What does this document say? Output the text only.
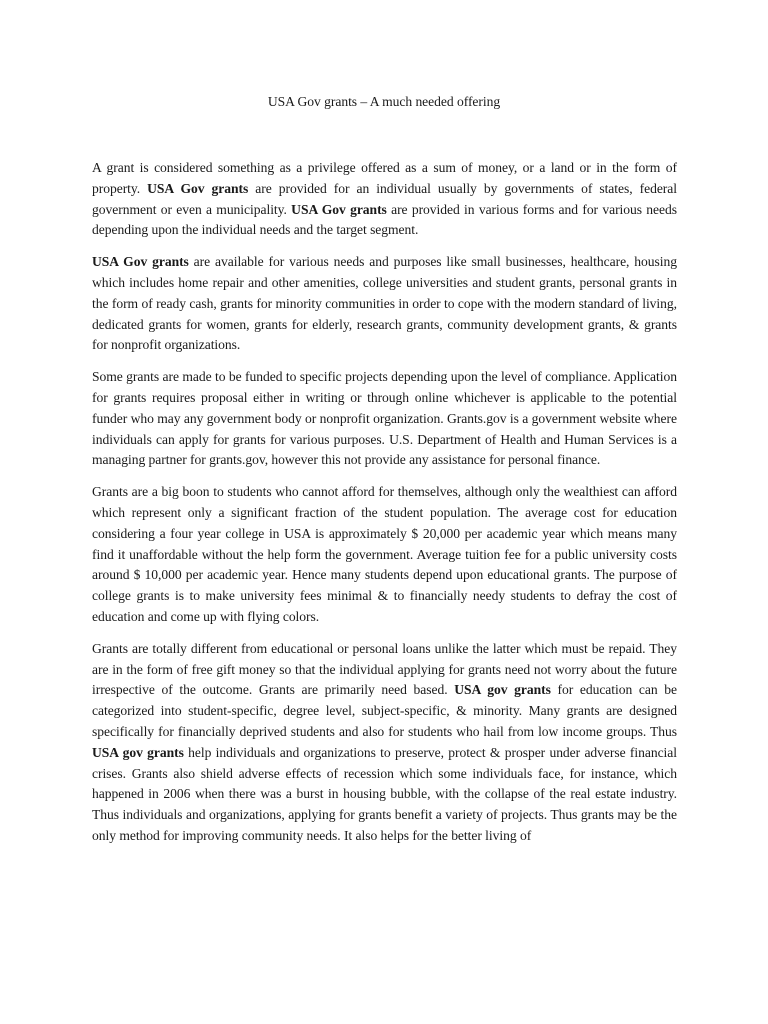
USA Gov grants – A much needed offering

A grant is considered something as a privilege offered as a sum of money, or a land or in the form of property. USA Gov grants are provided for an individual usually by governments of states, federal government or even a municipality. USA Gov grants are provided in various forms and for various needs depending upon the individual needs and the target segment.

USA Gov grants are available for various needs and purposes like small businesses, healthcare, housing which includes home repair and other amenities, college universities and student grants, personal grants in the form of ready cash, grants for minority communities in order to cope with the modern standard of living, dedicated grants for women, grants for elderly, research grants, community development grants, & grants for nonprofit organizations.

Some grants are made to be funded to specific projects depending upon the level of compliance. Application for grants requires proposal either in writing or through online whichever is applicable to the potential funder who may any government body or nonprofit organization. Grants.gov is a government website where individuals can apply for grants for various purposes. U.S. Department of Health and Human Services is a managing partner for grants.gov, however this not provide any assistance for personal finance.

Grants are a big boon to students who cannot afford for themselves, although only the wealthiest can afford which represent only a significant fraction of the student population. The average cost for education considering a four year college in USA is approximately $ 20,000 per academic year which means many find it unaffordable without the help form the government. Average tuition fee for a public university costs around $ 10,000 per academic year. Hence many students depend upon educational grants. The purpose of college grants is to make university fees minimal & to financially needy students to defray the cost of education and come up with flying colors.

Grants are totally different from educational or personal loans unlike the latter which must be repaid. They are in the form of free gift money so that the individual applying for grants need not worry about the future irrespective of the outcome. Grants are primarily need based. USA gov grants for education can be categorized into student-specific, degree level, subject-specific, & minority. Many grants are designed specifically for financially deprived students and also for students who hail from low income groups. Thus USA gov grants help individuals and organizations to preserve, protect & prosper under adverse financial crises. Grants also shield adverse effects of recession which some individuals face, for instance, which happened in 2006 when there was a burst in housing bubble, with the collapse of the real estate industry. Thus individuals and organizations, applying for grants benefit a variety of projects. Thus grants may be the only method for improving community needs. It also helps for the better living of
